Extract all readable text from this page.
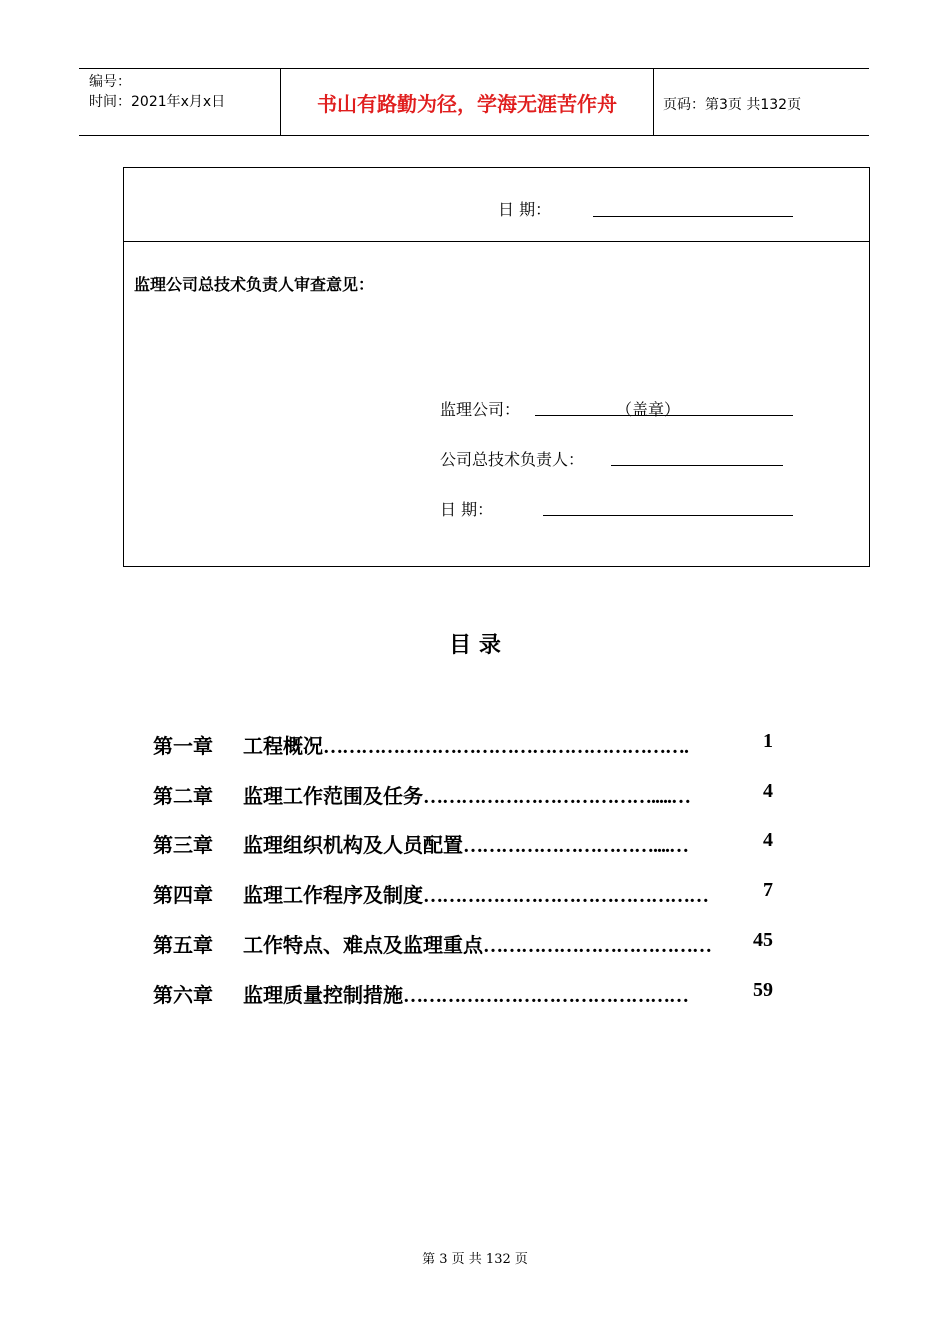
编号：
时间：2021年x月x日	书山有路勤为径，学海无涯苦作舟	页码：第3页 共132页
日 期：
监理公司总技术负责人审查意见：
监理公司：	（盖章）
公司总技术负责人：
日 期：
目 录
第一章 工程概况………………………………………………….	1
第二章 监理工作范围及任务……………………………….....…	4
第三章 监理组织机构及人员配置…………………………....…	4
第四章 监理工作程序及制度………………………………………	7
第五章 工作特点、难点及监理重点……………………………… 45
第六章 监理质量控制措施………………………………………	59
第 3 页 共 132 页
